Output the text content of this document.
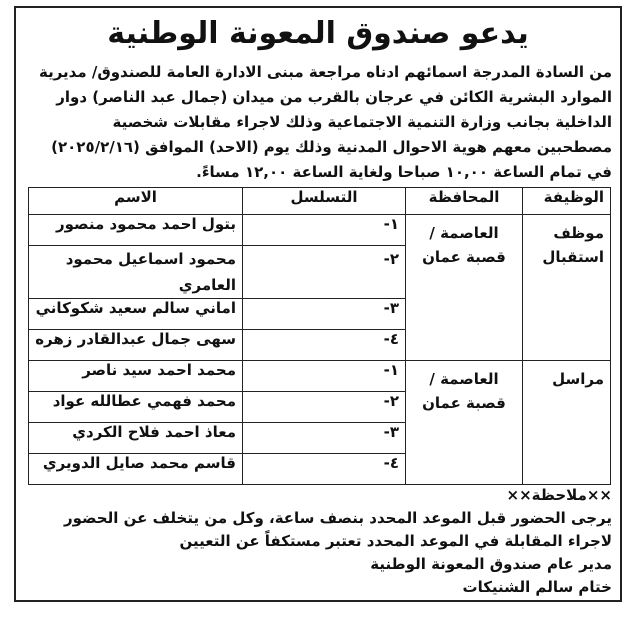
يدعو صندوق المعونة الوطنية
من السادة المدرجة اسمائهم ادناه مراجعة مبنى الادارة العامة للصندوق/ مديرية
الموارد البشرية الكائن في عرجان بالقرب من ميدان (جمال عبد الناصر) دوار
الداخلية بجانب وزارة التنمية الاجتماعية وذلك لاجراء مقابلات شخصية
مصطحبين معهم هوية الاحوال المدنية وذلك يوم (الاحد) الموافق (٢٠٢٥/٢/١٦)
في تمام الساعة ١٠,٠٠ صباحا ولغاية الساعة ١٢,٠٠ مساءً.
الوظيفة	المحافظة	التسلسل	الاسم
موظف استقبال	العاصمة / قصبة عمان	١-	بتول احمد محمود منصور
		٢-	محمود اسماعيل محمود العامري
		٣-	اماني سالم سعيد شكوكاني
		٤-	سهى جمال عبدالقادر زهره
مراسل	العاصمة / قصبة عمان	١-	محمد احمد سيد ناصر
		٢-	محمد فهمي عطالله عواد
		٣-	معاذ احمد فلاح الكردي
		٤-	قاسم محمد صايل الدويري
××ملاحظة××
يرجى الحضور قبل الموعد المحدد بنصف ساعة، وكل من يتخلف عن الحضور
لاجراء المقابلة في الموعد المحدد تعتبر مستكفاً عن التعيين
مدير عام صندوق المعونة الوطنية
ختام سالم الشنيكات
